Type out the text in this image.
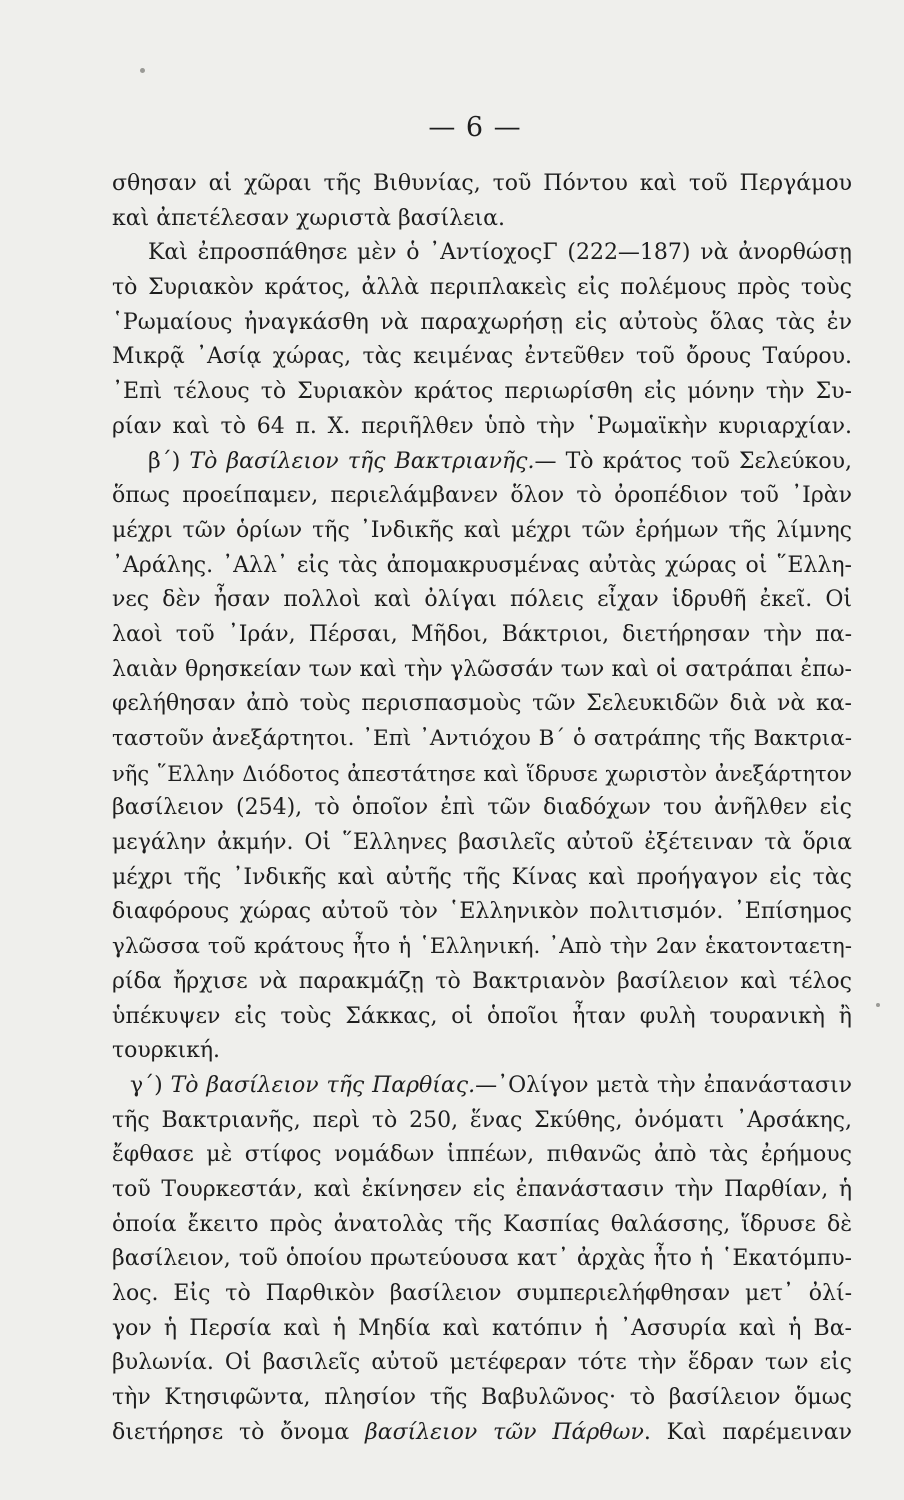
— 6 —
σθησαν αἱ χῶραι τῆς Βιθυνίας, τοῦ Πόντου καὶ τοῦ Περγάμου
καὶ ἀπετέλεσαν χωριστὰ βασίλεια.
Καὶ ἐπροσπάθησε μὲν ὁ ᾿ΑντίοχοςΓ (222—187) νὰ ἀνορθώσῃ
τὸ Συριακὸν κράτος, ἀλλὰ περιπλακεὶς εἰς πολέμους πρὸς τοὺς
῾Ρωμαίους ἠναγκάσθη νὰ παραχωρήσῃ εἰς αὐτοὺς ὅλας τὰς ἐν
Μικρᾷ ᾿Ασίᾳ χώρας, τὰς κειμένας ἐντεῦθεν τοῦ ὄρους Ταύρου.
᾿Επὶ τέλους τὸ Συριακὸν κράτος περιωρίσθη εἰς μόνην τὴν Συ-
ρίαν καὶ τὸ 64 π. Χ. περιῆλθεν ὑπὸ τὴν ῾Ρωμαϊκὴν κυριαρχίαν.
β΄) Τὸ βασίλειον τῆς Βακτριανῆς.— Τὸ κράτος τοῦ Σελεύκου,
ὅπως προείπαμεν, περιελάμβανεν ὅλον τὸ ὀροπέδιον τοῦ ᾿Ιρὰν
μέχρι τῶν ὁρίων τῆς ᾿Ινδικῆς καὶ μέχρι τῶν ἐρήμων τῆς λίμνης
᾿Αράλης. ᾿Αλλ᾿ εἰς τὰς ἀπομακρυσμένας αὐτὰς χώρας οἱ ῞Ελλη-
νες δὲν ἦσαν πολλοὶ καὶ ὀλίγαι πόλεις εἶχαν ἱδρυθῆ ἐκεῖ. Οἱ
λαοὶ τοῦ ᾿Ιράν, Πέρσαι, Μῆδοι, Βάκτριοι, διετήρησαν τὴν πα-
λαιὰν θρησκείαν των καὶ τὴν γλῶσσάν των καὶ οἱ σατράπαι ἐπω-
φελήθησαν ἀπὸ τοὺς περισπασμοὺς τῶν Σελευκιδῶν διὰ νὰ κα-
ταστοῦν ἀνεξάρτητοι. ᾿Επὶ ᾿Αντιόχου Β΄ ὁ σατράπης τῆς Βακτρια-
νῆς ῞Ελλην Διόδοτος ἀπεστάτησε καὶ ἵδρυσε χωριστὸν ἀνεξάρτητον
βασίλειον (254), τὸ ὁποῖον ἐπὶ τῶν διαδόχων του ἀνῆλθεν εἰς
μεγάλην ἀκμήν. Οἱ ῞Ελληνες βασιλεῖς αὐτοῦ ἐξέτειναν τὰ ὅρια
μέχρι τῆς ᾿Ινδικῆς καὶ αὐτῆς τῆς Κίνας καὶ προήγαγον εἰς τὰς
διαφόρους χώρας αὐτοῦ τὸν ῾Ελληνικὸν πολιτισμόν. ᾿Επίσημος
γλῶσσα τοῦ κράτους ἦτο ἡ ῾Ελληνική. ᾿Απὸ τὴν 2αν ἑκατονταετη-
ρίδα ἤρχισε νὰ παρακμάζῃ τὸ Βακτριανὸν βασίλειον καὶ τέλος
ὑπέκυψεν εἰς τοὺς Σάκκας, οἱ ὁποῖοι ἦταν φυλὴ τουρανικὴ ἢ
τουρκική.
γ΄) Τὸ βασίλειον τῆς Παρθίας.—᾿Ολίγον μετὰ τὴν ἐπανάστασιν
τῆς Βακτριανῆς, περὶ τὸ 250, ἕνας Σκύθης, ὀνόματι ᾿Αρσάκης,
ἔφθασε μὲ στίφος νομάδων ἱππέων, πιθανῶς ἀπὸ τὰς ἐρήμους
τοῦ Τουρκεστάν, καὶ ἐκίνησεν εἰς ἐπανάστασιν τὴν Παρθίαν, ἡ
ὁποία ἔκειτο πρὸς ἀνατολὰς τῆς Κασπίας θαλάσσης, ἵδρυσε δὲ
βασίλειον, τοῦ ὁποίου πρωτεύουσα κατ᾿ ἀρχὰς ἦτο ἡ ῾Εκατόμπυ-
λος. Εἰς τὸ Παρθικὸν βασίλειον συμπεριελήφθησαν μετ᾿ ὀλί-
γον ἡ Περσία καὶ ἡ Μηδία καὶ κατόπιν ἡ ᾿Ασσυρία καὶ ἡ Βα-
βυλωνία. Οἱ βασιλεῖς αὐτοῦ μετέφεραν τότε τὴν ἕδραν των εἰς
τὴν Κτησιφῶντα, πλησίον τῆς Βαβυλῶνος· τὸ βασίλειον ὅμως
διετήρησε τὸ ὄνομα βασίλειον τῶν Πάρθων. Καὶ παρέμειναν
